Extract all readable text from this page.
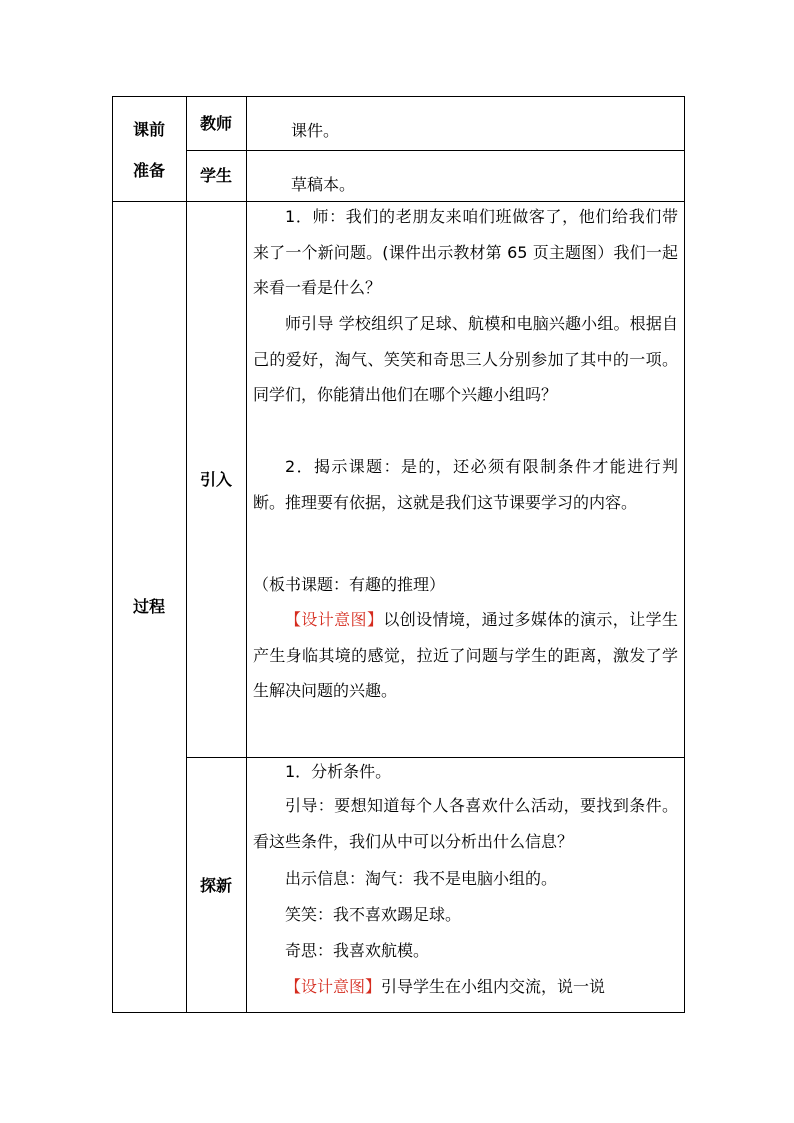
课前
准备
教师	课件。
学生	草稿本。
过程
引入
1．师：我们的老朋友来咱们班做客了，他们给我们带来了一个新问题。(课件出示教材第 65 页主题图）我们一起来看一看是什么？
师引导 学校组织了足球、航模和电脑兴趣小组。根据自己的爱好，淘气、笑笑和奇思三人分别参加了其中的一项。同学们，你能猜出他们在哪个兴趣小组吗？
2．揭示课题：是的，还必须有限制条件才能进行判断。推理要有依据，这就是我们这节课要学习的内容。
（板书课题：有趣的推理）
【设计意图】以创设情境，通过多媒体的演示，让学生产生身临其境的感觉，拉近了问题与学生的距离，激发了学生解决问题的兴趣。
探新
1．分析条件。
引导：要想知道每个人各喜欢什么活动，要找到条件。看这些条件，我们从中可以分析出什么信息？
出示信息：淘气：我不是电脑小组的。
笑笑：我不喜欢踢足球。
奇思：我喜欢航模。
【设计意图】引导学生在小组内交流，说一说
